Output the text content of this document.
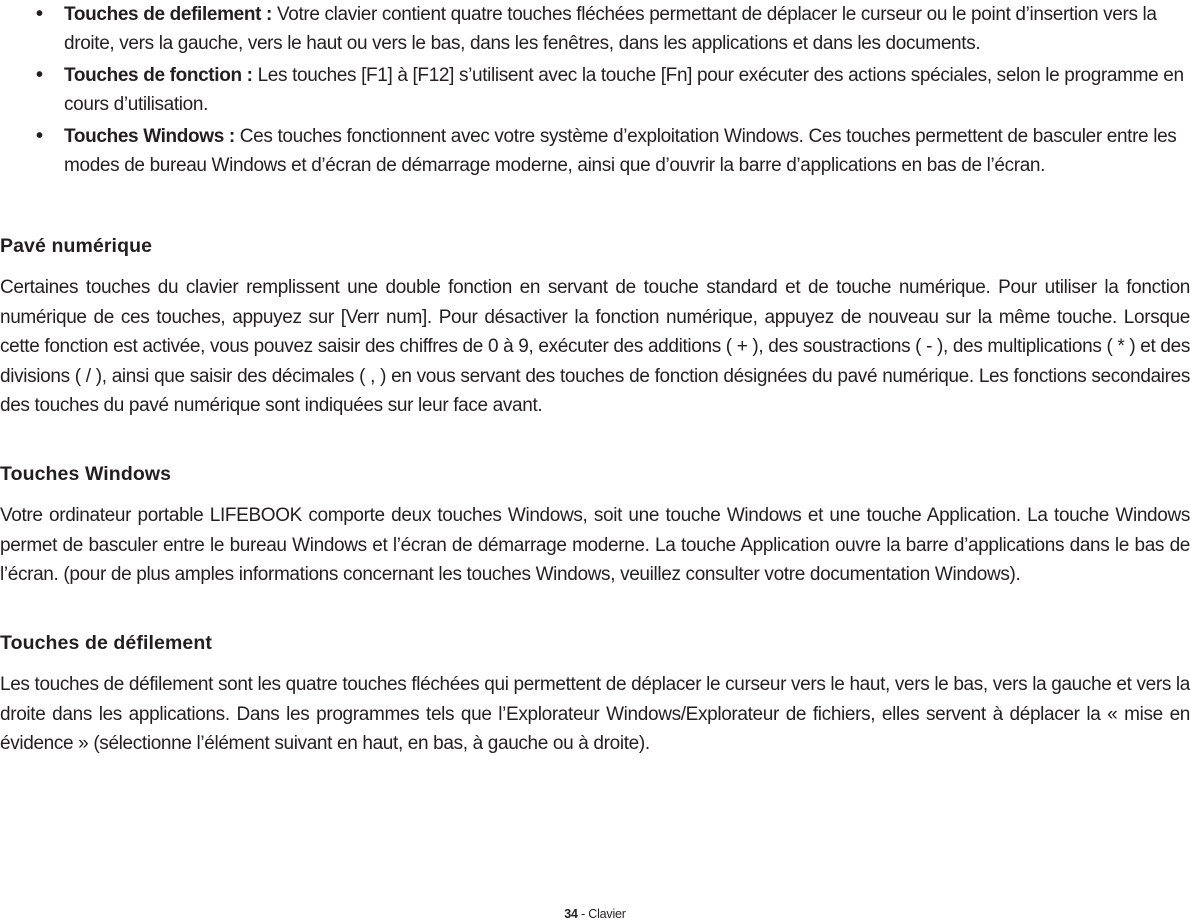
• Touches de defilement : Votre clavier contient quatre touches fléchées permettant de déplacer le curseur ou le point d’insertion vers la droite, vers la gauche, vers le haut ou vers le bas, dans les fenêtres, dans les applications et dans les documents.
• Touches de fonction : Les touches [F1] à [F12] s’utilisent avec la touche [Fn] pour exécuter des actions spéciales, selon le programme en cours d’utilisation.
• Touches Windows : Ces touches fonctionnent avec votre système d’exploitation Windows. Ces touches permettent de basculer entre les modes de bureau Windows et d’écran de démarrage moderne, ainsi que d’ouvrir la barre d’applications en bas de l’écran.
Pavé numérique

Certaines touches du clavier remplissent une double fonction en servant de touche standard et de touche numérique. Pour utiliser la fonction numérique de ces touches, appuyez sur [Verr num]. Pour désactiver la fonction numérique, appuyez de nouveau sur la même touche. Lorsque cette fonction est activée, vous pouvez saisir des chiffres de 0 à 9, exécuter des additions ( + ), des soustractions ( - ), des multiplications ( * ) et des divisions ( / ), ainsi que saisir des décimales ( , ) en vous servant des touches de fonction désignées du pavé numérique. Les fonctions secondaires des touches du pavé numérique sont indiquées sur leur face avant.

Touches Windows

Votre ordinateur portable LIFEBOOK comporte deux touches Windows, soit une touche Windows et une touche Application. La touche Windows permet de basculer entre le bureau Windows et l’écran de démarrage moderne. La touche Application ouvre la barre d’applications dans le bas de l’écran. (pour de plus amples informations concernant les touches Windows, veuillez consulter votre documentation Windows).

Touches de défilement

Les touches de défilement sont les quatre touches fléchées qui permettent de déplacer le curseur vers le haut, vers le bas, vers la gauche et vers la droite dans les applications. Dans les programmes tels que l’Explorateur Windows/Explorateur de fichiers, elles servent à déplacer la « mise en évidence » (sélectionne l’élément suivant en haut, en bas, à gauche ou à droite).

34 - Clavier
